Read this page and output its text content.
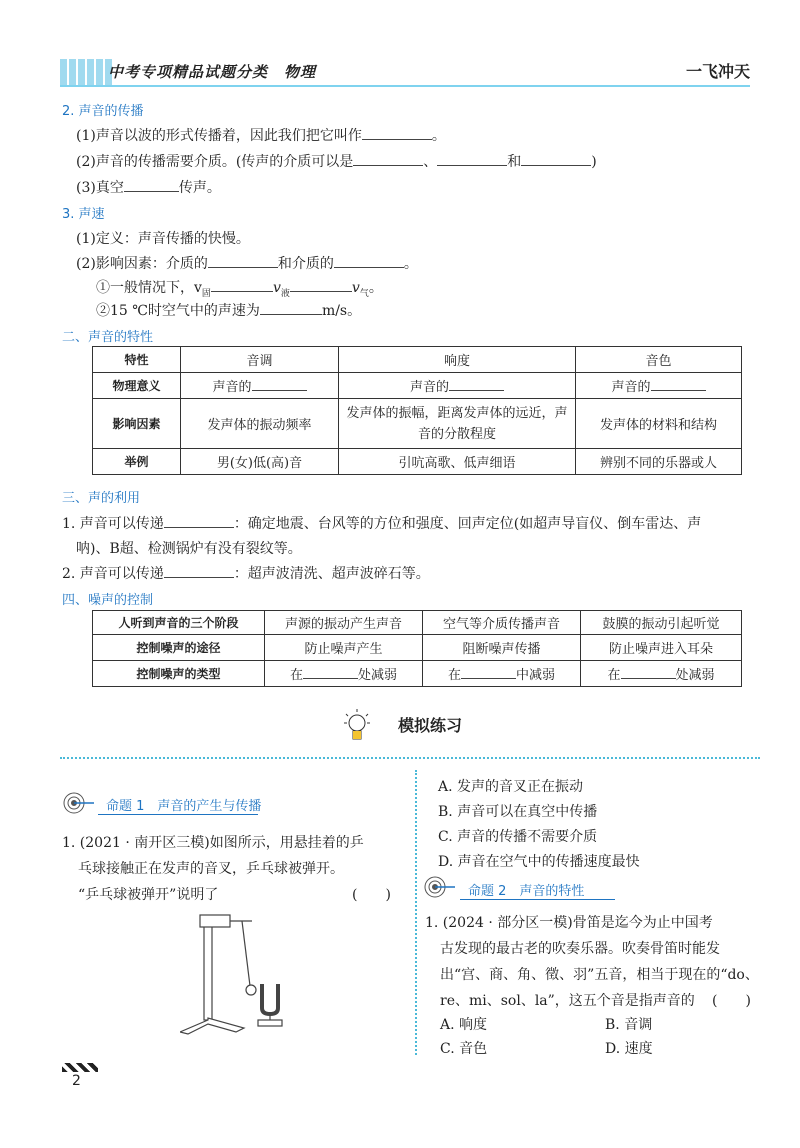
中考专项精品试题分类　物理	一飞冲天
2. 声音的传播
(1)声音以波的形式传播着，因此我们把它叫作	。
(2)声音的传播需要介质。(传声的介质可以是	、	和	)
(3)真空	传声。
3. 声速
(1)定义：声音传播的快慢。
(2)影响因素：介质的	和介质的	。
①一般情况下，$v_固$	$v_液$	$v_气$。
②15 ℃时空气中的声速为	m/s。
二、声音的特性
特性	音调	响度	音色
物理意义	声音的	声音的	声音的
影响因素	发声体的振动频率	发声体的振幅，距离发声体的远近，声音的分散程度	发声体的材料和结构
举例	男(女)低(高)音	引吭高歌、低声细语	辨别不同的乐器或人
三、声的利用
1. 声音可以传递	：确定地震、台风等的方位和强度、回声定位(如超声导盲仪、倒车雷达、声
呐)、B超、检测锅炉有没有裂纹等。
2. 声音可以传递	：超声波清洗、超声波碎石等。
四、噪声的控制
人听到声音的三个阶段	声源的振动产生声音	空气等介质传播声音	鼓膜的振动引起听觉
控制噪声的途径	防止噪声产生	阻断噪声传播	防止噪声进入耳朵
控制噪声的类型	在 处减弱	在 中减弱	在 处减弱
模拟练习
命题 1　声音的产生与传播
1. (2021 · 南开区三模)如图所示，用悬挂着的乒
乓球接触正在发声的音叉，乒乓球被弹开。
“乒乓球被弹开”说明了	(　　)
2
A. 发声的音叉正在振动
B. 声音可以在真空中传播
C. 声音的传播不需要介质
D. 声音在空气中的传播速度最快
命题 2　声音的特性
1. (2024 · 部分区一模)骨笛是迄今为止中国考
古发现的最古老的吹奏乐器。吹奏骨笛时能发
出“宫、商、角、徵、羽”五音，相当于现在的“do、
re、mi、sol、la”，这五个音是指声音的 (　　)
A. 响度	B. 音调
C. 音色	D. 速度
